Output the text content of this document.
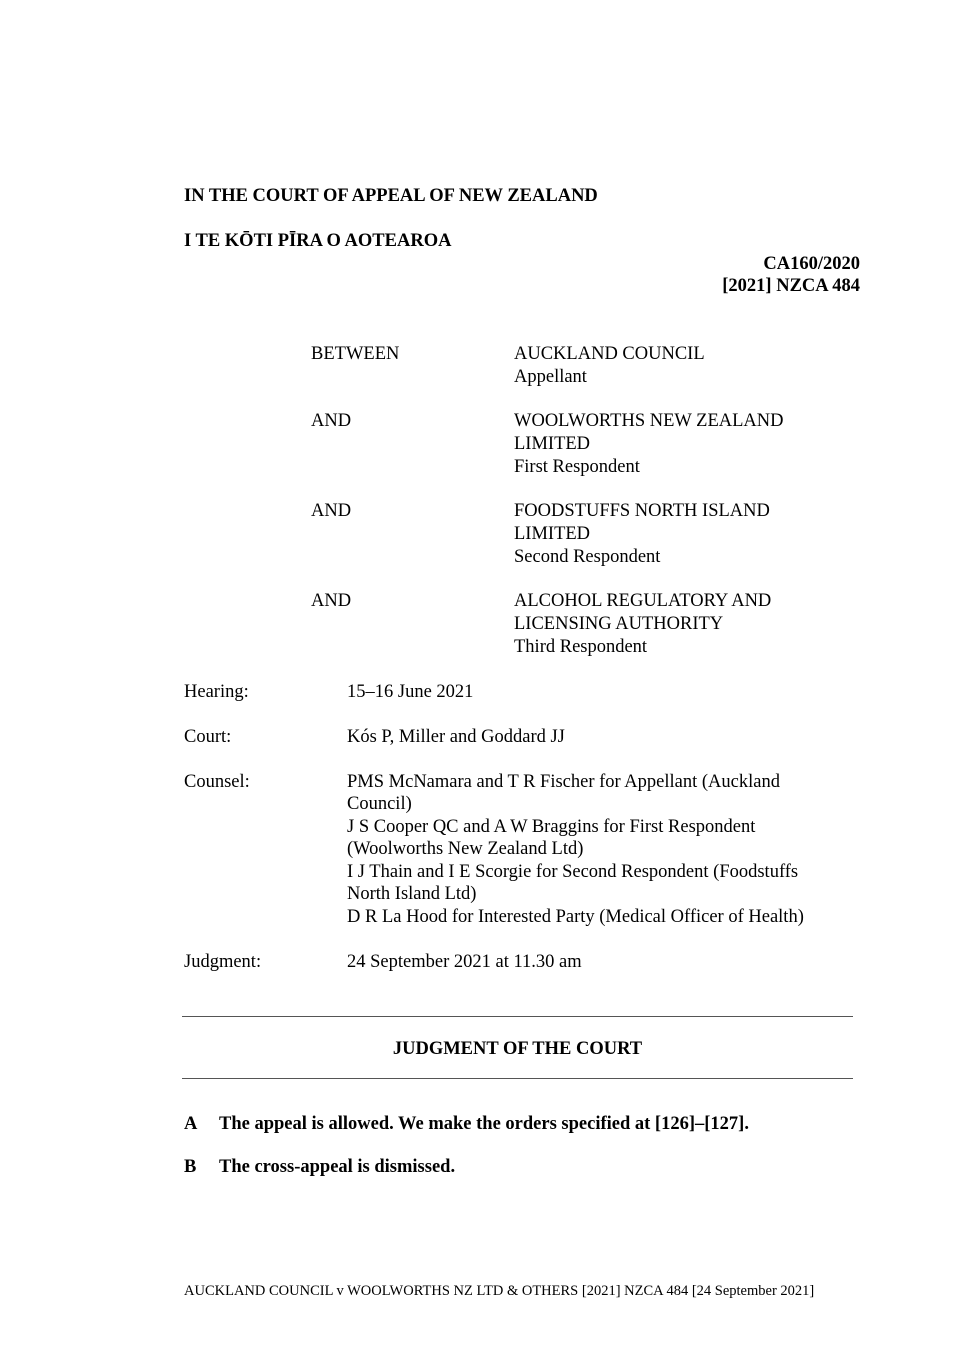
IN THE COURT OF APPEAL OF NEW ZEALAND
I TE KŌTI PĪRA O AOTEAROA
CA160/2020
[2021] NZCA 484
BETWEEN	AUCKLAND COUNCIL
Appellant
AND	WOOLWORTHS NEW ZEALAND
LIMITED
First Respondent
AND	FOODSTUFFS NORTH ISLAND
LIMITED
Second Respondent
AND	ALCOHOL REGULATORY AND
LICENSING AUTHORITY
Third Respondent
Hearing:	15–16 June 2021
Court:	Kós P, Miller and Goddard JJ
Counsel:	PMS McNamara and T R Fischer for Appellant (Auckland
Council)
J S Cooper QC and A W Braggins for First Respondent
(Woolworths New Zealand Ltd)
I J Thain and I E Scorgie for Second Respondent (Foodstuffs
North Island Ltd)
D R La Hood for Interested Party (Medical Officer of Health)
Judgment:	24 September 2021 at 11.30 am
JUDGMENT OF THE COURT
A The appeal is allowed. We make the orders specified at [126]–[127].
B The cross-appeal is dismissed.
AUCKLAND COUNCIL v WOOLWORTHS NZ LTD & OTHERS [2021] NZCA 484 [24 September 2021]
